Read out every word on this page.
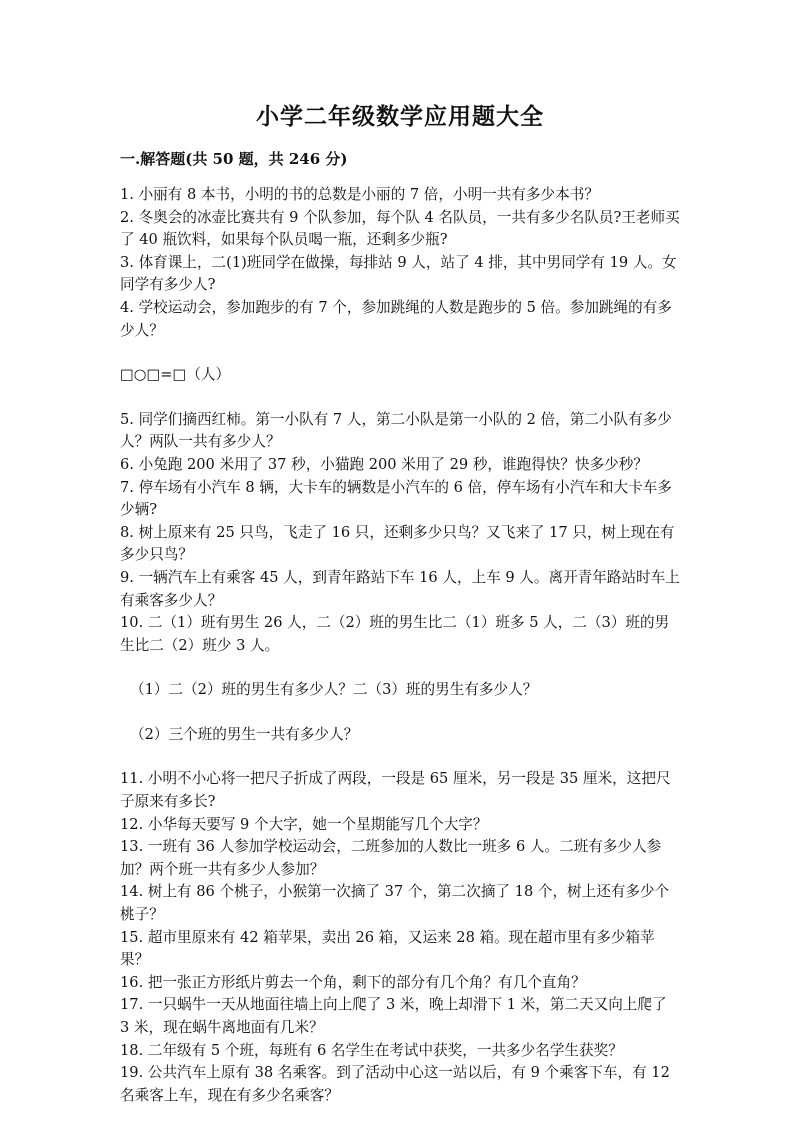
小学二年级数学应用题大全
一.解答题(共 50 题，共 246 分)

1. 小丽有 8 本书，小明的书的总数是小丽的 7 倍，小明一共有多少本书？

2. 冬奥会的冰壶比赛共有 9 个队参加，每个队 4 名队员，一共有多少名队员?王老师买了 40 瓶饮料，如果每个队员喝一瓶，还剩多少瓶?

3. 体育课上，二(1)班同学在做操，每排站 9 人，站了 4 排，其中男同学有 19 人。女同学有多少人?

4. 学校运动会，参加跑步的有 7 个，参加跳绳的人数是跑步的 5 倍。参加跳绳的有多少人？

□○□=□（人）

5. 同学们摘西红柿。第一小队有 7 人，第二小队是第一小队的 2 倍，第二小队有多少人？两队一共有多少人？

6. 小兔跑 200 米用了 37 秒，小猫跑 200 米用了 29 秒，谁跑得快？快多少秒？

7. 停车场有小汽车 8 辆，大卡车的辆数是小汽车的 6 倍，停车场有小汽车和大卡车多少辆?

8. 树上原来有 25 只鸟，飞走了 16 只，还剩多少只鸟？又飞来了 17 只，树上现在有多少只鸟？

9. 一辆汽车上有乘客 45 人，到青年路站下车 16 人，上车 9 人。离开青年路站时车上有乘客多少人？

10. 二（1）班有男生 26 人，二（2）班的男生比二（1）班多 5 人，二（3）班的男生比二（2）班少 3 人。

（1）二（2）班的男生有多少人？二（3）班的男生有多少人？

（2）三个班的男生一共有多少人？

11. 小明不小心将一把尺子折成了两段，一段是 65 厘米，另一段是 35 厘米，这把尺子原来有多长?

12. 小华每天要写 9 个大字，她一个星期能写几个大字？

13. 一班有 36 人参加学校运动会，二班参加的人数比一班多 6 人。二班有多少人参加？两个班一共有多少人参加？

14. 树上有 86 个桃子，小猴第一次摘了 37 个，第二次摘了 18 个，树上还有多少个桃子？

15. 超市里原来有 42 箱苹果，卖出 26 箱，又运来 28 箱。现在超市里有多少箱苹果？

16. 把一张正方形纸片剪去一个角，剩下的部分有几个角？有几个直角？

17. 一只蜗牛一天从地面往墙上向上爬了 3 米，晚上却滑下 1 米，第二天又向上爬了 3 米，现在蜗牛离地面有几米？

18. 二年级有 5 个班，每班有 6 名学生在考试中获奖，一共多少名学生获奖？

19. 公共汽车上原有 38 名乘客。到了活动中心这一站以后，有 9 个乘客下车，有 12 名乘客上车，现在有多少名乘客？
